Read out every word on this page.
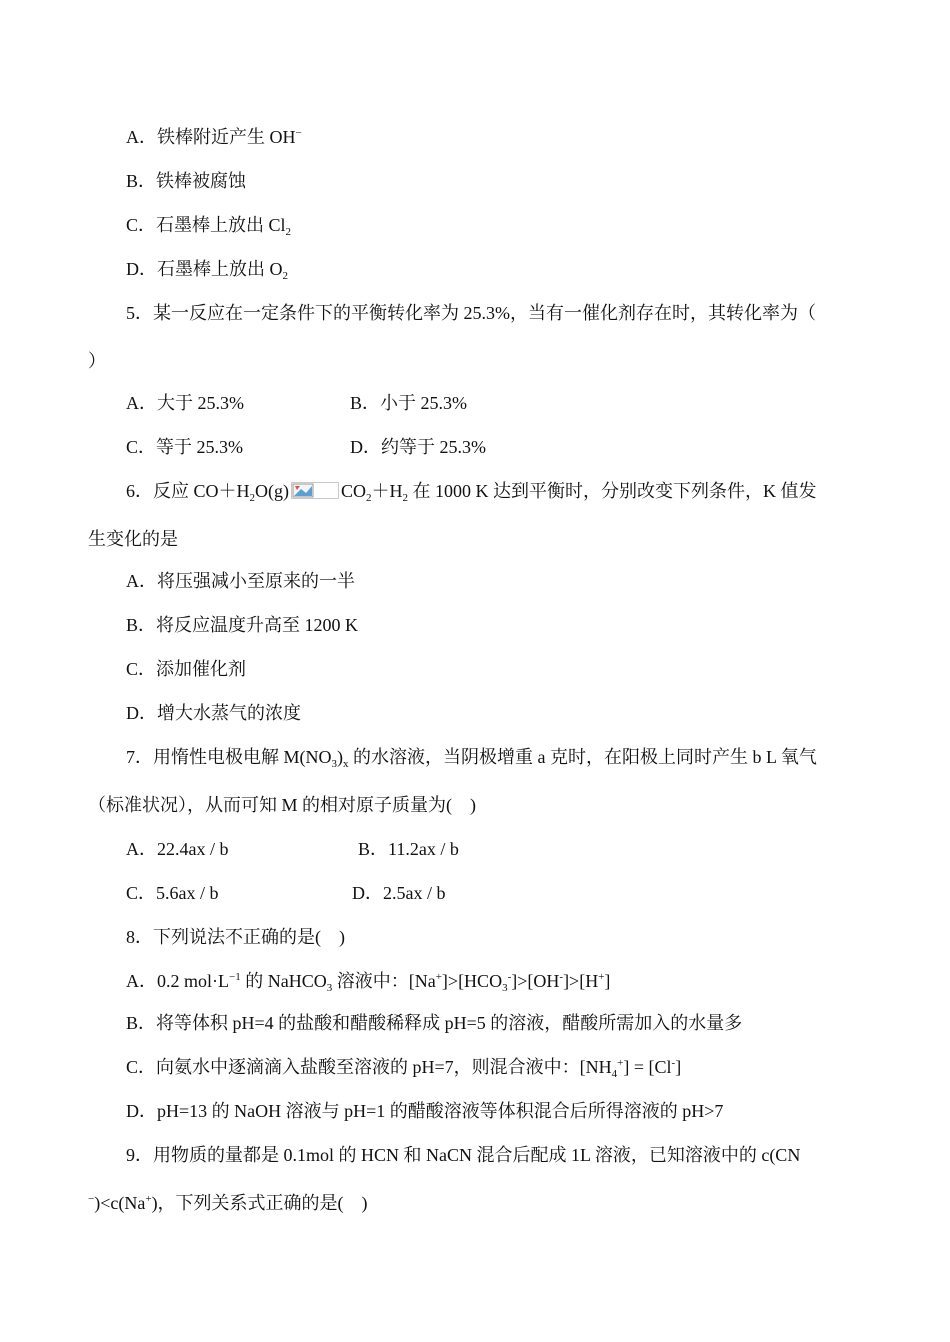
A．铁棒附近产生 OH−
B．铁棒被腐蚀
C．石墨棒上放出 $Cl_2$
D．石墨棒上放出 $O_2$
5．某一反应在一定条件下的平衡转化率为 25.3%，当有一催化剂存在时，其转化率为（
）
A．大于 25.3%	B．小于 25.3%
C．等于 25.3%	D．约等于 25.3%
6．反应 $CO+H_2O(g)$	$CO_2+H_2$ 在 1000 K 达到平衡时，分别改变下列条件，K 值发
生变化的是
A．将压强减小至原来的一半
B．将反应温度升高至 1200 K
C．添加催化剂
D．增大水蒸气的浓度
7．用惰性电极电解 $M(NO_3)_x$ 的水溶液，当阴极增重 a 克时，在阳极上同时产生 b L 氧气
（标准状况），从而可知 M 的相对原子质量为(　)
A．22.4ax / b	B．11.2ax / b
C．5.6ax / b	D．2.5ax / b
8．下列说法不正确的是(　)
A．0.2 $mol\cdot L^{-1}$ 的 NaHCO$_3$ 溶液中：$[Na^+]>[HCO_3^-]>[OH^-]>[H^+]$
B．将等体积 pH=4 的盐酸和醋酸稀释成 pH=5 的溶液，醋酸所需加入的水量多
C．向氨水中逐滴滴入盐酸至溶液的 pH=7，则混合液中：$[NH_4^+] = [Cl^-]$
D．pH=13 的 NaOH 溶液与 pH=1 的醋酸溶液等体积混合后所得溶液的 pH>7
9．用物质的量都是 0.1mol 的 HCN 和 NaCN 混合后配成 1L 溶液，已知溶液中的 c(CN
−)<c(Na+)，下列关系式正确的是(　)
